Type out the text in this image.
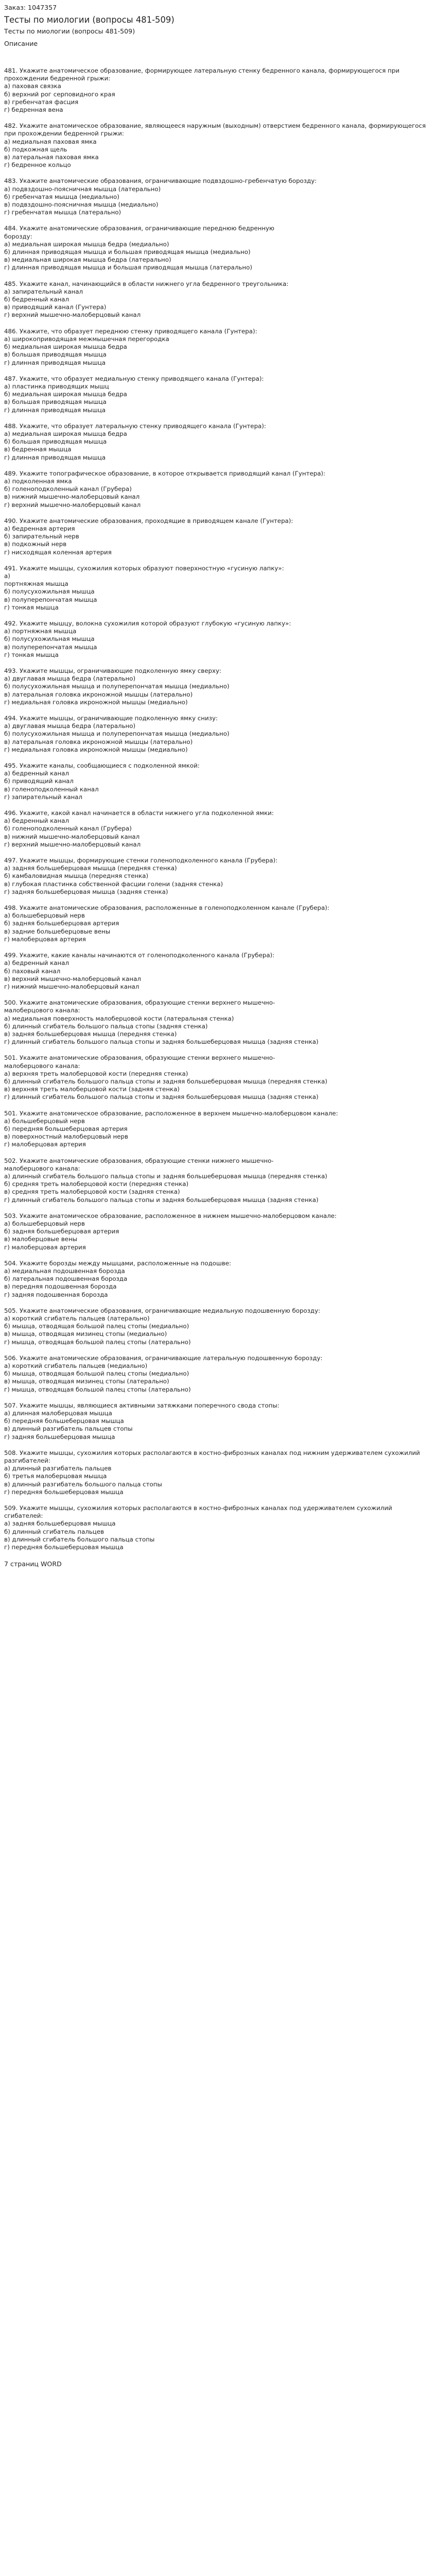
Заказ: 1047357
Тесты по миологии (вопросы 481-509)
Тесты по миологии (вопросы 481-509)
Описание
481. Укажите анатомическое образование, формирующее латеральную стенку бедренного канала, формирующегося при прохождении бедренной грыжи:
а) паховая связка
б) верхний рог серповидного края
в) гребенчатая фасция
г) бедренная вена
482. Укажите анатомическое образование, являющееся наружным (выходным) отверстием бедренного канала, формирующегося при прохождении бедренной грыжи:
а) медиальная паховая ямка
б) подкожная щель
в) латеральная паховая ямка
г) бедренное кольцо
483. Укажите анатомические образования, ограничивающие подвздошно-гребенчатую борозду:
а) подвздошно-поясничная мышца (латерально)
б) гребенчатая мышца (медиально)
в) подвздошно-поясничная мышца (медиально)
г) гребенчатая мышца (латерально)
484. Укажите анатомические образования, ограничивающие переднюю бедренную
борозду:
а) медиальная широкая мышца бедра (медиально)
б) длинная приводящая мышца и большая приводящая мышца (медиально)
в) медиальная широкая мышца бедра (латерально)
г) длинная приводящая мышца и большая приводящая мышца (латерально)
485. Укажите канал, начинающийся в области нижнего угла бедренного треугольника:
а) запирательный канал
б) бедренный канал
в) приводящий канал (Гунтера)
г) верхний мышечно-малоберцовый канал
486. Укажите, что образует переднюю стенку приводящего канала (Гунтера):
а) широкоприводящая межмышечная перегородка
б) медиальная широкая мышца бедра
в) большая приводящая мышца
г) длинная приводящая мышца
487. Укажите, что образует медиальную стенку приводящего канала (Гунтера):
а) пластинка приводящих мышц
б) медиальная широкая мышца бедра
в) большая приводящая мышца
г) длинная приводящая мышца
488. Укажите, что образует латеральную стенку приводящего канала (Гунтера):
а) медиальная широкая мышца бедра
б) большая приводящая мышца
в) бедренная мышца
г) длинная приводящая мышца
489. Укажите топографическое образование, в которое открывается приводящий канал (Гунтера):
а) подколенная ямка
б) голеноподколенный канал (Грубера)
в) нижний мышечно-малоберцовый канал
г) верхний мышечно-малоберцовый канал
490. Укажите анатомические образования, проходящие в приводящем канале (Гунтера):
а) бедренная артерия
б) запирательный нерв
в) подкожный нерв
г) нисходящая коленная артерия
491. Укажите мышцы, сухожилия которых образуют поверхностную «гусиную лапку»:
а)
портняжная мышца
б) полусухожильная мышца
в) полуперепончатая мышца
г) тонкая мышца
492. Укажите мышцу, волокна сухожилия которой образуют глубокую «гусиную лапку»:
а) портняжная мышца
б) полусухожильная мышца
в) полуперепончатая мышца
г) тонкая мышца
493. Укажите мышцы, ограничивающие подколенную ямку сверху:
а) двуглавая мышца бедра (латерально)
б) полусухожильная мышца и полуперепончатая мышца (медиально)
в) латеральная головка икроножной мышцы (латерально)
г) медиальная головка икроножной мышцы (медиально)
494. Укажите мышцы, ограничивающие подколенную ямку снизу:
а) двуглавая мышца бедра (латерально)
б) полусухожильная мышца и полуперепончатая мышца (медиально)
в) латеральная головка икроножной мышцы (латерально)
г) медиальная головка икроножной мышцы (медиально)
495. Укажите каналы, сообщающиеся с подколенной ямкой:
а) бедренный канал
б) приводящий канал
в) голеноподколенный канал
г) запирательный канал
496. Укажите, какой канал начинается в области нижнего угла подколенной ямки:
а) бедренный канал
б) голеноподколенный канал (Грубера)
в) нижний мышечно-малоберцовый канал
г) верхний мышечно-малоберцовый канал
497. Укажите мышцы, формирующие стенки голеноподколенного канала (Грубера):
а) задняя большеберцовая мышца (передняя стенка)
б) камбаловидная мышца (передняя стенка)
в) глубокая пластинка собственной фасции голени (задняя стенка)
г) задняя большеберцовая мышца (задняя стенка)
498. Укажите анатомические образования, расположенные в голеноподколенном канале (Грубера):
а) большеберцовый нерв
б) задняя большеберцовая артерия
в) задние большеберцовые вены
г) малоберцовая артерия
499. Укажите, какие каналы начинаются от голеноподколенного канала (Грубера):
а) бедренный канал
б) паховый канал
в) верхний мышечно-малоберцовый канал
г) нижний мышечно-малоберцовый канал
500. Укажите анатомические образования, образующие стенки верхнего мышечно-
малоберцового канала:
а) медиальная поверхность малоберцовой кости (латеральная стенка)
б) длинный сгибатель большого пальца стопы (задняя стенка)
в) задняя большеберцовая мышца (передняя стенка)
г) длинный сгибатель большого пальца стопы и задняя большеберцовая мышца (задняя стенка)
501. Укажите анатомические образования, образующие стенки верхнего мышечно-
малоберцового канала:
а) верхняя треть малоберцовой кости (передняя стенка)
б) длинный сгибатель большого пальца стопы и задняя большеберцовая мышца (передняя стенка)
в) верхняя треть малоберцовой кости (задняя стенка)
г) длинный сгибатель большого пальца стопы и задняя большеберцовая мышца (задняя стенка)
501. Укажите анатомическое образование, расположенное в верхнем мышечно-малоберцовом канале:
а) большеберцовый нерв
б) передняя большеберцовая артерия
в) поверхностный малоберцовый нерв
г) малоберцовая артерия
502. Укажите анатомические образования, образующие стенки нижнего мышечно-
малоберцового канала:
а) длинный сгибатель большого пальца стопы и задняя большеберцовая мышца (передняя стенка)
б) средняя треть малоберцовой кости (передняя стенка)
в) средняя треть малоберцовой кости (задняя стенка)
г) длинный сгибатель большого пальца стопы и задняя большеберцовая мышца (задняя стенка)
503. Укажите анатомическое образование, расположенное в нижнем мышечно-малоберцовом канале:
а) большеберцовый нерв
б) задняя большеберцовая артерия
в) малоберцовые вены
г) малоберцовая артерия
504. Укажите борозды между мышцами, расположенные на подошве:
а) медиальная подошвенная борозда
б) латеральная подошвенная борозда
в) передняя подошвенная борозда
г) задняя подошвенная борозда
505. Укажите анатомические образования, ограничивающие медиальную подошвенную борозду:
а) короткий сгибатель пальцев (латерально)
б) мышца, отводящая большой палец стопы (медиально)
в) мышца, отводящая мизинец стопы (медиально)
г) мышца, отводящая большой палец стопы (латерально)
506. Укажите анатомические образования, ограничивающие латеральную подошвенную борозду:
а) короткий сгибатель пальцев (медиально)
б) мышца, отводящая большой палец стопы (медиально)
в) мышца, отводящая мизинец стопы (латерально)
г) мышца, отводящая большой палец стопы (латерально)
507. Укажите мышцы, являющиеся активными затяжками поперечного свода стопы:
а) длинная малоберцовая мышца
б) передняя большеберцовая мышца
в) длинный разгибатель пальцев стопы
г) задняя большеберцовая мышца
508. Укажите мышцы, сухожилия которых располагаются в костно-фиброзных каналах под нижним удерживателем сухожилий разгибателей:
а) длинный разгибатель пальцев
б) третья малоберцовая мышца
в) длинный разгибатель большого пальца стопы
г) передняя большеберцовая мышца
509. Укажите мышцы, сухожилия которых располагаются в костно-фиброзных каналах под удерживателем сухожилий сгибателей:
а) задняя большеберцовая мышца
б) длинный сгибатель пальцев
в) длинный сгибатель большого пальца стопы
г) передняя большеберцовая мышца
7 страниц WORD
